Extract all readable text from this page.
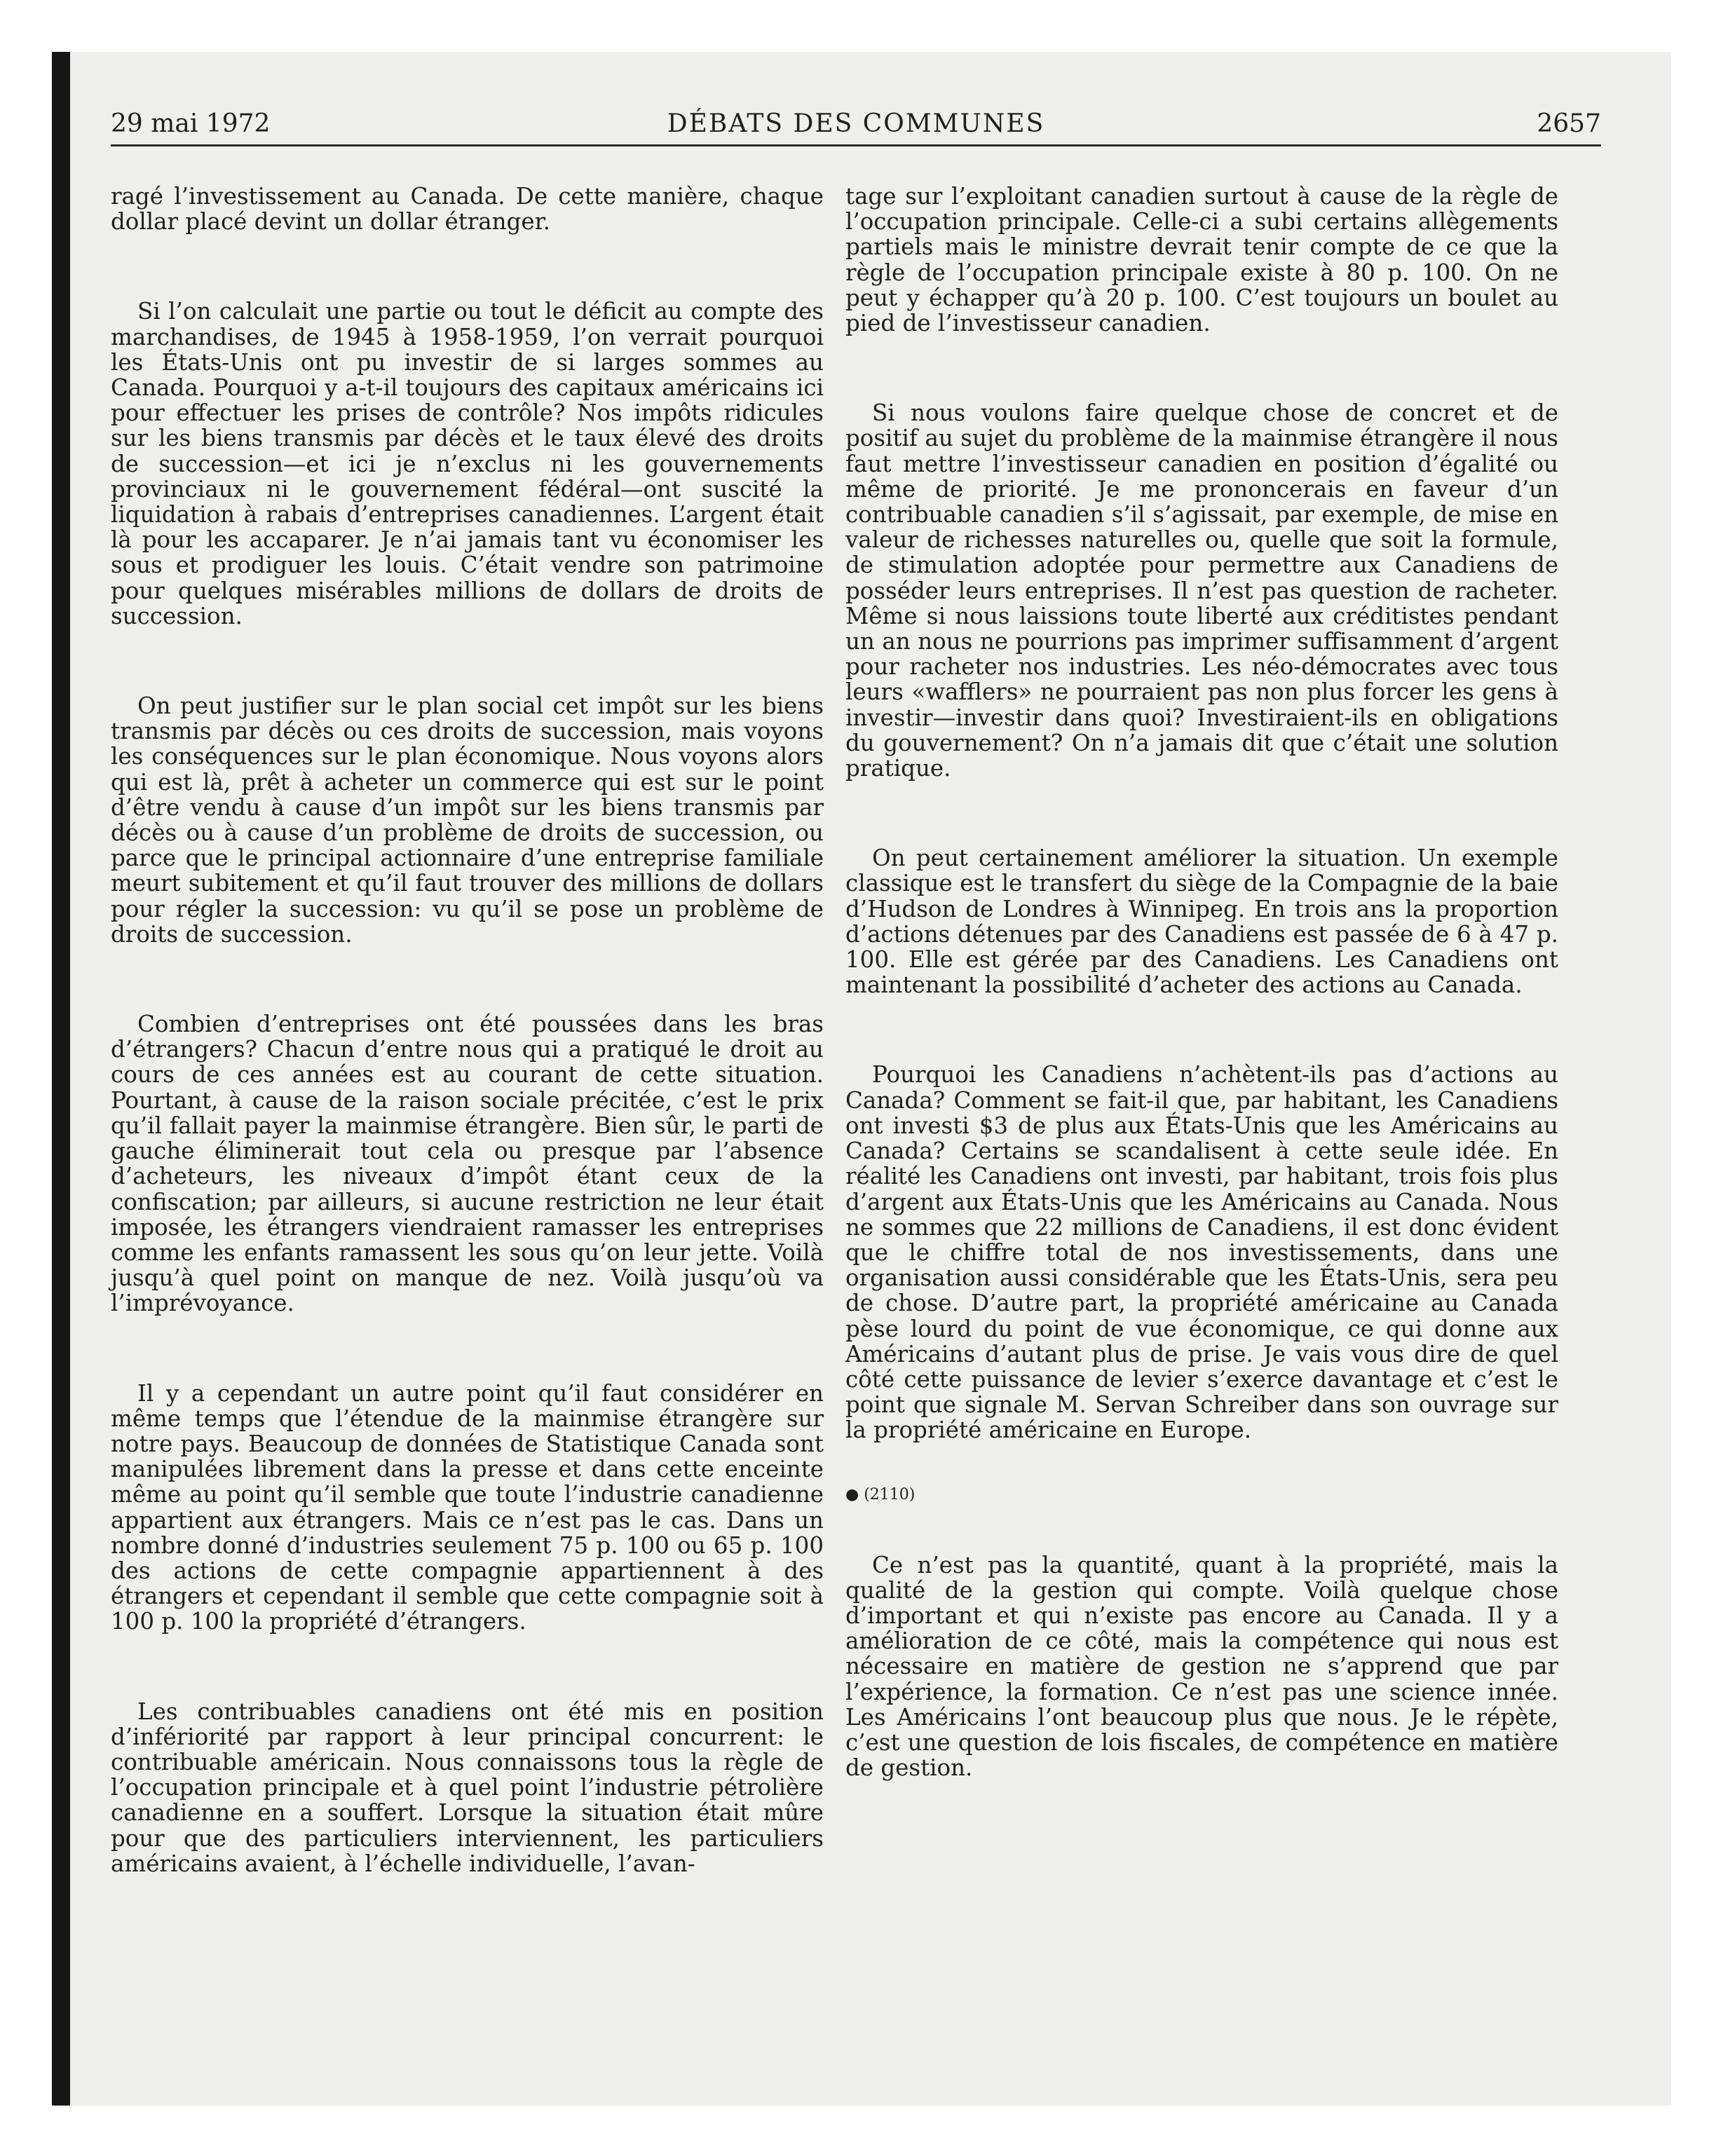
29 mai 1972	DÉBATS DES COMMUNES	2657

ragé l’investissement au Canada. De cette manière, chaque dollar placé devint un dollar étranger.

Si l’on calculait une partie ou tout le déficit au compte des marchandises, de 1945 à 1958-1959, l’on verrait pourquoi les États-Unis ont pu investir de si larges sommes au Canada. Pourquoi y a-t-il toujours des capitaux américains ici pour effectuer les prises de contrôle? Nos impôts ridicules sur les biens transmis par décès et le taux élevé des droits de succession—et ici je n’exclus ni les gouvernements provinciaux ni le gouvernement fédéral—ont suscité la liquidation à rabais d’entreprises canadiennes. L’argent était là pour les accaparer. Je n’ai jamais tant vu économiser les sous et prodiguer les louis. C’était vendre son patrimoine pour quelques misérables millions de dollars de droits de succession.

On peut justifier sur le plan social cet impôt sur les biens transmis par décès ou ces droits de succession, mais voyons les conséquences sur le plan économique. Nous voyons alors qui est là, prêt à acheter un commerce qui est sur le point d’être vendu à cause d’un impôt sur les biens transmis par décès ou à cause d’un problème de droits de succession, ou parce que le principal actionnaire d’une entreprise familiale meurt subitement et qu’il faut trouver des millions de dollars pour régler la succession: vu qu’il se pose un problème de droits de succession.

Combien d’entreprises ont été poussées dans les bras d’étrangers? Chacun d’entre nous qui a pratiqué le droit au cours de ces années est au courant de cette situation. Pourtant, à cause de la raison sociale précitée, c’est le prix qu’il fallait payer la mainmise étrangère. Bien sûr, le parti de gauche éliminerait tout cela ou presque par l’absence d’acheteurs, les niveaux d’impôt étant ceux de la confiscation; par ailleurs, si aucune restriction ne leur était imposée, les étrangers viendraient ramasser les entreprises comme les enfants ramassent les sous qu’on leur jette. Voilà jusqu’à quel point on manque de nez. Voilà jusqu’où va l’imprévoyance.

Il y a cependant un autre point qu’il faut considérer en même temps que l’étendue de la mainmise étrangère sur notre pays. Beaucoup de données de Statistique Canada sont manipulées librement dans la presse et dans cette enceinte même au point qu’il semble que toute l’industrie canadienne appartient aux étrangers. Mais ce n’est pas le cas. Dans un nombre donné d’industries seulement 75 p. 100 ou 65 p. 100 des actions de cette compagnie appartiennent à des étrangers et cependant il semble que cette compagnie soit à 100 p. 100 la propriété d’étrangers.

Les contribuables canadiens ont été mis en position d’infériorité par rapport à leur principal concurrent: le contribuable américain. Nous connaissons tous la règle de l’occupation principale et à quel point l’industrie pétrolière canadienne en a souffert. Lorsque la situation était mûre pour que des particuliers interviennent, les particuliers américains avaient, à l’échelle individuelle, l’avan-

tage sur l’exploitant canadien surtout à cause de la règle de l’occupation principale. Celle-ci a subi certains allègements partiels mais le ministre devrait tenir compte de ce que la règle de l’occupation principale existe à 80 p. 100. On ne peut y échapper qu’à 20 p. 100. C’est toujours un boulet au pied de l’investisseur canadien.

Si nous voulons faire quelque chose de concret et de positif au sujet du problème de la mainmise étrangère il nous faut mettre l’investisseur canadien en position d’égalité ou même de priorité. Je me prononcerais en faveur d’un contribuable canadien s’il s’agissait, par exemple, de mise en valeur de richesses naturelles ou, quelle que soit la formule, de stimulation adoptée pour permettre aux Canadiens de posséder leurs entreprises. Il n’est pas question de racheter. Même si nous laissions toute liberté aux créditistes pendant un an nous ne pourrions pas imprimer suffisamment d’argent pour racheter nos industries. Les néo-démocrates avec tous leurs «wafflers» ne pourraient pas non plus forcer les gens à investir—investir dans quoi? Investiraient-ils en obligations du gouvernement? On n’a jamais dit que c’était une solution pratique.

On peut certainement améliorer la situation. Un exemple classique est le transfert du siège de la Compagnie de la baie d’Hudson de Londres à Winnipeg. En trois ans la proportion d’actions détenues par des Canadiens est passée de 6 à 47 p. 100. Elle est gérée par des Canadiens. Les Canadiens ont maintenant la possibilité d’acheter des actions au Canada.

Pourquoi les Canadiens n’achètent-ils pas d’actions au Canada? Comment se fait-il que, par habitant, les Canadiens ont investi $3 de plus aux États-Unis que les Américains au Canada? Certains se scandalisent à cette seule idée. En réalité les Canadiens ont investi, par habitant, trois fois plus d’argent aux États-Unis que les Américains au Canada. Nous ne sommes que 22 millions de Canadiens, il est donc évident que le chiffre total de nos investissements, dans une organisation aussi considérable que les États-Unis, sera peu de chose. D’autre part, la propriété américaine au Canada pèse lourd du point de vue économique, ce qui donne aux Américains d’autant plus de prise. Je vais vous dire de quel côté cette puissance de levier s’exerce davantage et c’est le point que signale M. Servan Schreiber dans son ouvrage sur la propriété américaine en Europe.

● (2110)

Ce n’est pas la quantité, quant à la propriété, mais la qualité de la gestion qui compte. Voilà quelque chose d’important et qui n’existe pas encore au Canada. Il y a amélioration de ce côté, mais la compétence qui nous est nécessaire en matière de gestion ne s’apprend que par l’expérience, la formation. Ce n’est pas une science innée. Les Américains l’ont beaucoup plus que nous. Je le répète, c’est une question de lois fiscales, de compétence en matière de gestion.
